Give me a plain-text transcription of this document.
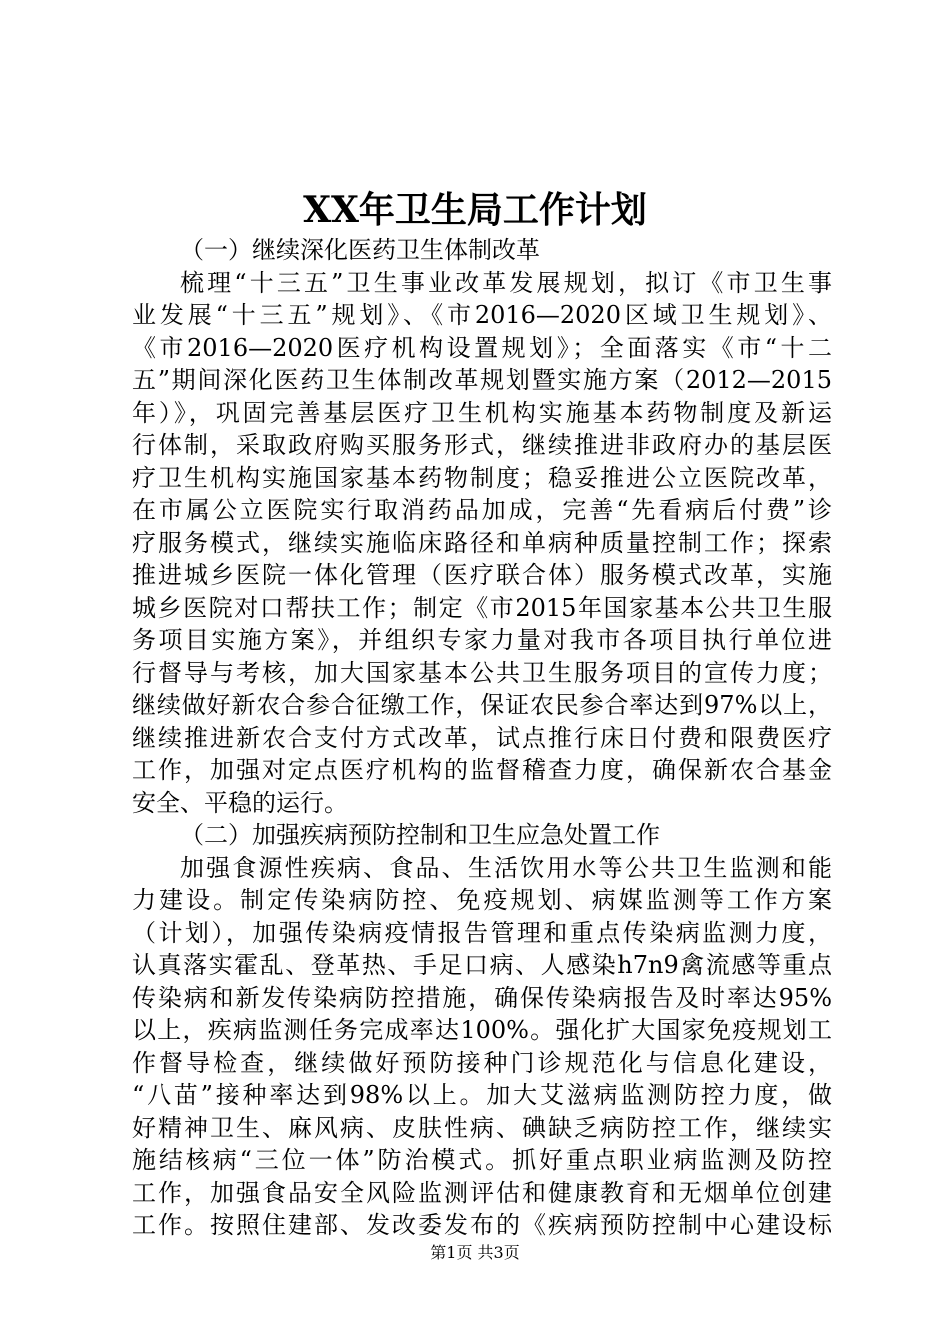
XX年卫生局工作计划
（一）继续深化医药卫生体制改革
梳理“十三五”卫生事业改革发展规划，拟订《市卫生事
业发展“十三五”规划》、《市2016—2020区域卫生规划》、
《市2016—2020医疗机构设置规划》；全面落实《市“十二
五”期间深化医药卫生体制改革规划暨实施方案（2012—2015
年）》，巩固完善基层医疗卫生机构实施基本药物制度及新运
行体制，采取政府购买服务形式，继续推进非政府办的基层医
疗卫生机构实施国家基本药物制度；稳妥推进公立医院改革，
在市属公立医院实行取消药品加成，完善“先看病后付费”诊
疗服务模式，继续实施临床路径和单病种质量控制工作；探索
推进城乡医院一体化管理（医疗联合体）服务模式改革，实施
城乡医院对口帮扶工作；制定《市2015年国家基本公共卫生服
务项目实施方案》，并组织专家力量对我市各项目执行单位进
行督导与考核，加大国家基本公共卫生服务项目的宣传力度；
继续做好新农合参合征缴工作，保证农民参合率达到97%以上，
继续推进新农合支付方式改革，试点推行床日付费和限费医疗
工作，加强对定点医疗机构的监督稽查力度，确保新农合基金
安全、平稳的运行。
（二）加强疾病预防控制和卫生应急处置工作
加强食源性疾病、食品、生活饮用水等公共卫生监测和能
力建设。制定传染病防控、免疫规划、病媒监测等工作方案
（计划），加强传染病疫情报告管理和重点传染病监测力度，
认真落实霍乱、登革热、手足口病、人感染h7n9禽流感等重点
传染病和新发传染病防控措施，确保传染病报告及时率达95%
以上，疾病监测任务完成率达100%。强化扩大国家免疫规划工
作督导检查，继续做好预防接种门诊规范化与信息化建设，
“八苗”接种率达到98%以上。加大艾滋病监测防控力度，做
好精神卫生、麻风病、皮肤性病、碘缺乏病防控工作，继续实
施结核病“三位一体”防治模式。抓好重点职业病监测及防控
工作，加强食品安全风险监测评估和健康教育和无烟单位创建
工作。按照住建部、发改委发布的《疾病预防控制中心建设标
第1页 共3页
